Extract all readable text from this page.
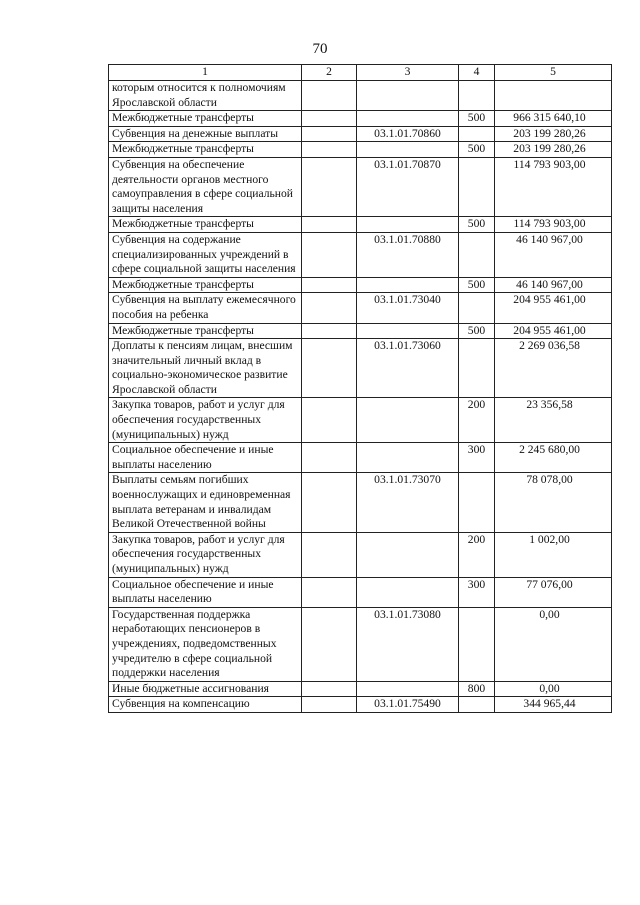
70
1	2	3	4	5
которым относится к полномочиям Ярославской области				
Межбюджетные трансферты			500	966 315 640,10
Субвенция на денежные выплаты		03.1.01.70860		203 199 280,26
Межбюджетные трансферты			500	203 199 280,26
Субвенция на обеспечение деятельности органов местного самоуправления в сфере социальной защиты населения		03.1.01.70870		114 793 903,00
Межбюджетные трансферты			500	114 793 903,00
Субвенция на содержание специализированных учреждений в сфере социальной защиты населения		03.1.01.70880		46 140 967,00
Межбюджетные трансферты			500	46 140 967,00
Субвенция на выплату ежемесячного пособия на ребенка		03.1.01.73040		204 955 461,00
Межбюджетные трансферты			500	204 955 461,00
Доплаты к пенсиям лицам, внесшим значительный личный вклад в социально-экономическое развитие Ярославской области		03.1.01.73060		2 269 036,58
Закупка товаров, работ и услуг для обеспечения государственных (муниципальных) нужд			200	23 356,58
Социальное обеспечение и иные выплаты населению			300	2 245 680,00
Выплаты семьям погибших военнослужащих и единовременная выплата ветеранам и инвалидам Великой Отечественной войны		03.1.01.73070		78 078,00
Закупка товаров, работ и услуг для обеспечения государственных (муниципальных) нужд			200	1 002,00
Социальное обеспечение и иные выплаты населению			300	77 076,00
Государственная поддержка неработающих пенсионеров в учреждениях, подведомственных учредителю в сфере социальной поддержки населения		03.1.01.73080		0,00
Иные бюджетные ассигнования			800	0,00
Субвенция на компенсацию		03.1.01.75490		344 965,44
